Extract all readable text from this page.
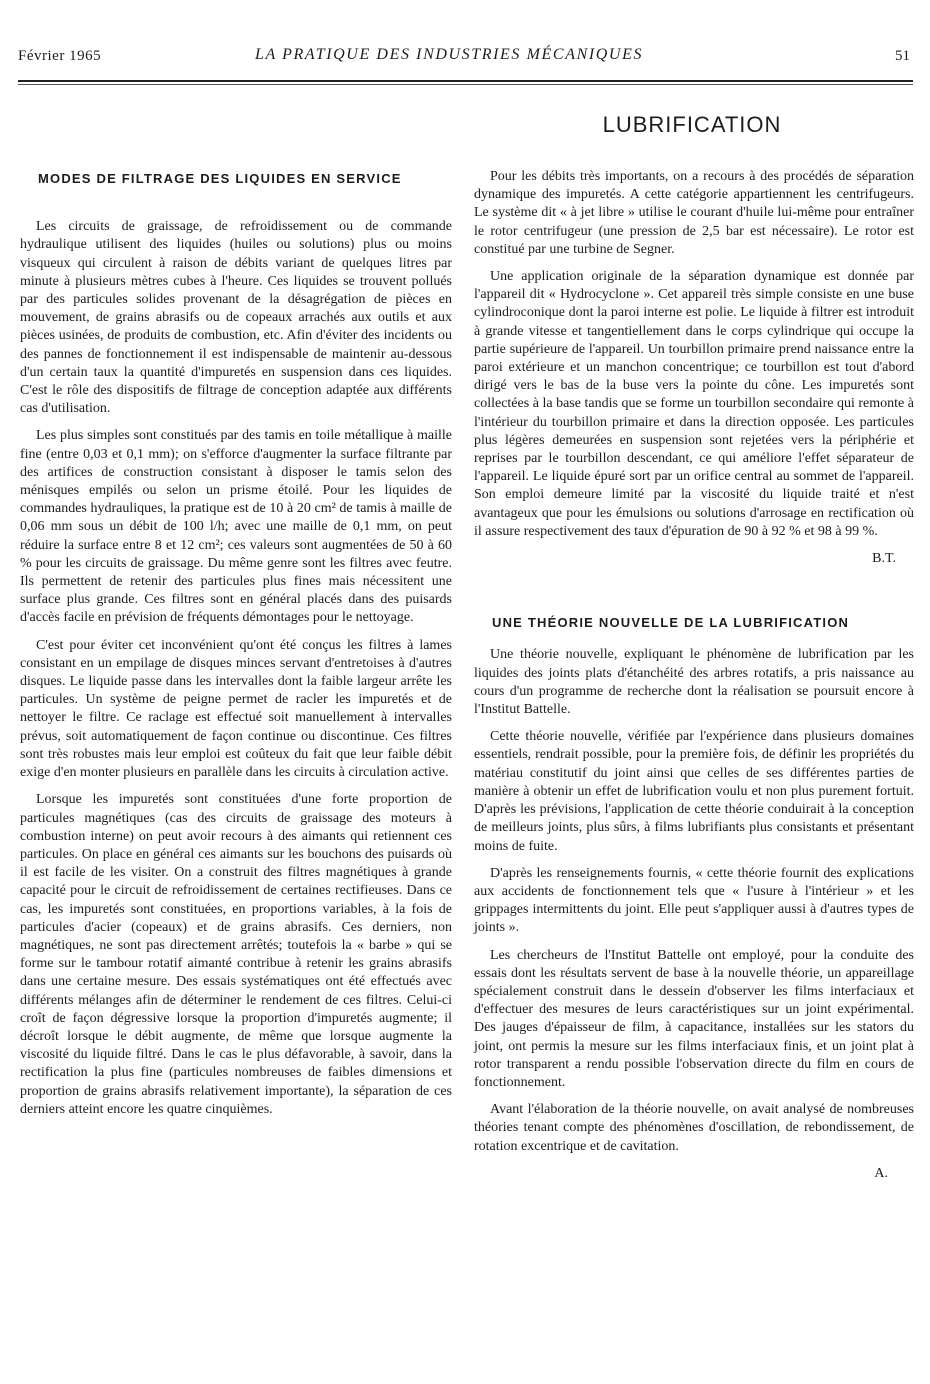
Février 1965	LA PRATIQUE DES INDUSTRIES MÉCANIQUES	51
LUBRIFICATION
MODES DE FILTRAGE DES LIQUIDES EN SERVICE

Les circuits de graissage, de refroidissement ou de commande hydraulique utilisent des liquides (huiles ou solutions) plus ou moins visqueux qui circulent à raison de débits variant de quelques litres par minute à plusieurs mètres cubes à l'heure. Ces liquides se trouvent pollués par des particules solides provenant de la désagrégation de pièces en mouvement, de grains abrasifs ou de copeaux arrachés aux outils et aux pièces usinées, de produits de combustion, etc. Afin d'éviter des incidents ou des pannes de fonctionnement il est indispensable de maintenir au-dessous d'un certain taux la quantité d'impuretés en suspension dans ces liquides. C'est le rôle des dispositifs de filtrage de conception adaptée aux différents cas d'utilisation.

Les plus simples sont constitués par des tamis en toile métallique à maille fine (entre 0,03 et 0,1 mm); on s'efforce d'augmenter la surface filtrante par des artifices de construction consistant à disposer le tamis selon des ménisques empilés ou selon un prisme étoilé. Pour les liquides de commandes hydrauliques, la pratique est de 10 à 20 cm² de tamis à maille de 0,06 mm sous un débit de 100 l/h; avec une maille de 0,1 mm, on peut réduire la surface entre 8 et 12 cm²; ces valeurs sont augmentées de 50 à 60 % pour les circuits de graissage. Du même genre sont les filtres avec feutre. Ils permettent de retenir des particules plus fines mais nécessitent une surface plus grande. Ces filtres sont en général placés dans des puisards d'accès facile en prévision de fréquents démontages pour le nettoyage.

C'est pour éviter cet inconvénient qu'ont été conçus les filtres à lames consistant en un empilage de disques minces servant d'entretoises à d'autres disques. Le liquide passe dans les intervalles dont la faible largeur arrête les particules. Un système de peigne permet de racler les impuretés et de nettoyer le filtre. Ce raclage est effectué soit manuellement à intervalles prévus, soit automatiquement de façon continue ou discontinue. Ces filtres sont très robustes mais leur emploi est coûteux du fait que leur faible débit exige d'en monter plusieurs en parallèle dans les circuits à circulation active.

Lorsque les impuretés sont constituées d'une forte proportion de particules magnétiques (cas des circuits de graissage des moteurs à combustion interne) on peut avoir recours à des aimants qui retiennent ces particules. On place en général ces aimants sur les bouchons des puisards où il est facile de les visiter. On a construit des filtres magnétiques à grande capacité pour le circuit de refroidissement de certaines rectifieuses. Dans ce cas, les impuretés sont constituées, en proportions variables, à la fois de particules d'acier (copeaux) et de grains abrasifs. Ces derniers, non magnétiques, ne sont pas directement arrêtés; toutefois la « barbe » qui se forme sur le tambour rotatif aimanté contribue à retenir les grains abrasifs dans une certaine mesure. Des essais systématiques ont été effectués avec différents mélanges afin de déterminer le rendement de ces filtres. Celui-ci croît de façon dégressive lorsque la proportion d'impuretés augmente; il décroît lorsque le débit augmente, de même que lorsque augmente la viscosité du liquide filtré. Dans le cas le plus défavorable, à savoir, dans la rectification la plus fine (particules nombreuses de faibles dimensions et proportion de grains abrasifs relativement importante), la séparation de ces derniers atteint encore les quatre cinquièmes.

Pour les débits très importants, on a recours à des procédés de séparation dynamique des impuretés. A cette catégorie appartiennent les centrifugeurs. Le système dit « à jet libre » utilise le courant d'huile lui-même pour entraîner le rotor centrifugeur (une pression de 2,5 bar est nécessaire). Le rotor est constitué par une turbine de Segner.

Une application originale de la séparation dynamique est donnée par l'appareil dit « Hydrocyclone ». Cet appareil très simple consiste en une buse cylindroconique dont la paroi interne est polie. Le liquide à filtrer est introduit à grande vitesse et tangentiellement dans le corps cylindrique qui occupe la partie supérieure de l'appareil. Un tourbillon primaire prend naissance entre la paroi extérieure et un manchon concentrique; ce tourbillon est tout d'abord dirigé vers le bas de la buse vers la pointe du cône. Les impuretés sont collectées à la base tandis que se forme un tourbillon secondaire qui remonte à l'intérieur du tourbillon primaire et dans la direction opposée. Les particules plus légères demeurées en suspension sont rejetées vers la périphérie et reprises par le tourbillon descendant, ce qui améliore l'effet séparateur de l'appareil. Le liquide épuré sort par un orifice central au sommet de l'appareil. Son emploi demeure limité par la viscosité du liquide traité et n'est avantageux que pour les émulsions ou solutions d'arrosage en rectification où il assure respectivement des taux d'épuration de 90 à 92 % et 98 à 99 %.

B.T.
UNE THÉORIE NOUVELLE DE LA LUBRIFICATION

Une théorie nouvelle, expliquant le phénomène de lubrification par les liquides des joints plats d'étanchéité des arbres rotatifs, a pris naissance au cours d'un programme de recherche dont la réalisation se poursuit encore à l'Institut Battelle.

Cette théorie nouvelle, vérifiée par l'expérience dans plusieurs domaines essentiels, rendrait possible, pour la première fois, de définir les propriétés du matériau constitutif du joint ainsi que celles de ses différentes parties de manière à obtenir un effet de lubrification voulu et non plus purement fortuit. D'après les prévisions, l'application de cette théorie conduirait à la conception de meilleurs joints, plus sûrs, à films lubrifiants plus consistants et présentant moins de fuite.

D'après les renseignements fournis, « cette théorie fournit des explications aux accidents de fonctionnement tels que « l'usure à l'intérieur » et les grippages intermittents du joint. Elle peut s'appliquer aussi à d'autres types de joints ».

Les chercheurs de l'Institut Battelle ont employé, pour la conduite des essais dont les résultats servent de base à la nouvelle théorie, un appareillage spécialement construit dans le dessein d'observer les films interfaciaux et d'effectuer des mesures de leurs caractéristiques sur un joint expérimental. Des jauges d'épaisseur de film, à capacitance, installées sur les stators du joint, ont permis la mesure sur les films interfaciaux finis, et un joint plat à rotor transparent a rendu possible l'observation directe du film en cours de fonctionnement.

Avant l'élaboration de la théorie nouvelle, on avait analysé de nombreuses théories tenant compte des phénomènes d'oscillation, de rebondissement, de rotation excentrique et de cavitation.

A.
